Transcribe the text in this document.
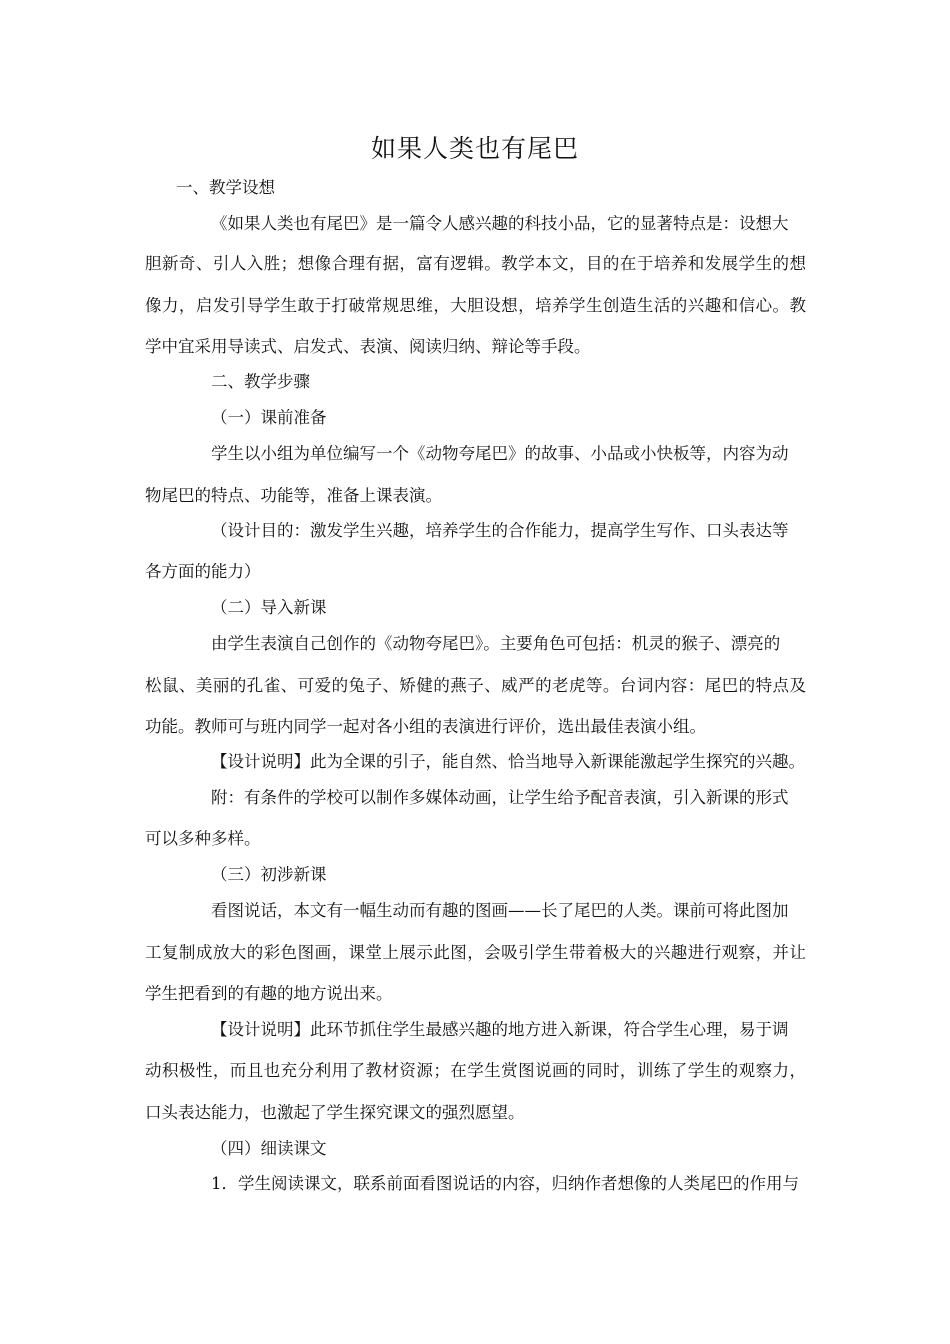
如果人类也有尾巴
一、教学设想
《如果人类也有尾巴》是一篇令人感兴趣的科技小品，它的显著特点是：设想大
胆新奇、引人入胜；想像合理有据，富有逻辑。教学本文，目的在于培养和发展学生的想
像力，启发引导学生敢于打破常规思维，大胆设想，培养学生创造生活的兴趣和信心。教
学中宜采用导读式、启发式、表演、阅读归纳、辩论等手段。
二、教学步骤
（一）课前准备
学生以小组为单位编写一个《动物夸尾巴》的故事、小品或小快板等，内容为动
物尾巴的特点、功能等，准备上课表演。
（设计目的：激发学生兴趣，培养学生的合作能力，提高学生写作、口头表达等
各方面的能力）
（二）导入新课
由学生表演自己创作的《动物夸尾巴》。主要角色可包括：机灵的猴子、漂亮的
松鼠、美丽的孔雀、可爱的兔子、矫健的燕子、威严的老虎等。台词内容：尾巴的特点及
功能。教师可与班内同学一起对各小组的表演进行评价，选出最佳表演小组。
【设计说明】此为全课的引子，能自然、恰当地导入新课能激起学生探究的兴趣。
附：有条件的学校可以制作多媒体动画，让学生给予配音表演，引入新课的形式
可以多种多样。
（三）初涉新课
看图说话，本文有一幅生动而有趣的图画——长了尾巴的人类。课前可将此图加
工复制成放大的彩色图画，课堂上展示此图，会吸引学生带着极大的兴趣进行观察，并让
学生把看到的有趣的地方说出来。
【设计说明】此环节抓住学生最感兴趣的地方进入新课，符合学生心理，易于调
动积极性，而且也充分利用了教材资源；在学生赏图说画的同时，训练了学生的观察力，
口头表达能力，也激起了学生探究课文的强烈愿望。
（四）细读课文
1．学生阅读课文，联系前面看图说话的内容，归纳作者想像的人类尾巴的作用与
